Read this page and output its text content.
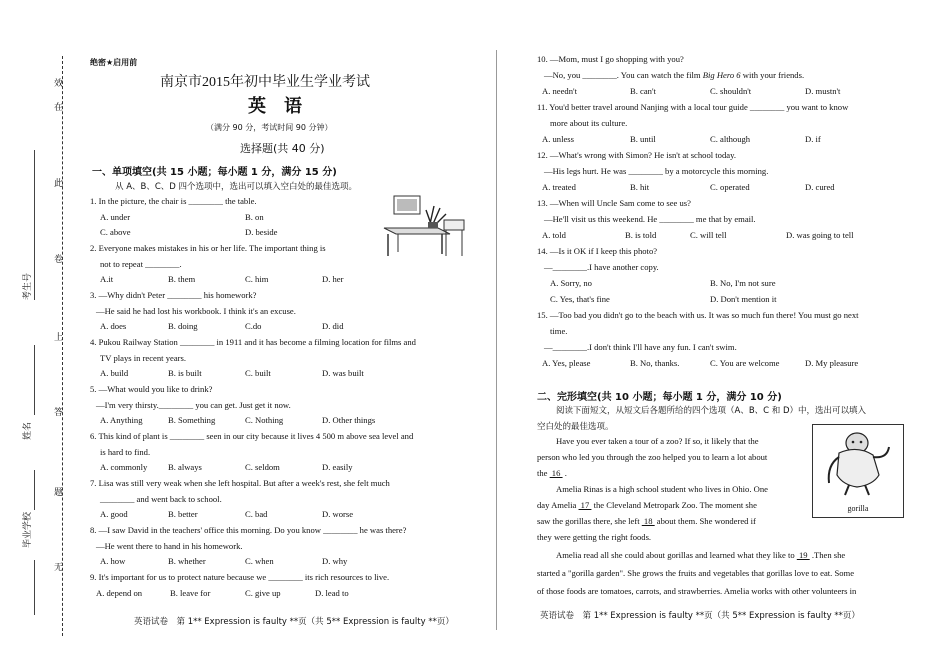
效
在
此
卷
上
答
题
无
考生号
姓名
毕业学校
绝密★启用前
南京市2015年初中毕业生学业考试
英　语
（满分 90 分，考试时间 90 分钟）
选择题(共 40 分)
一、单项填空(共 15 小题；每小题 1 分，满分 15 分)
从 A、B、C、D 四个选项中，选出可以填入空白处的最佳选项。
1. In the picture, the chair is ________ the table.
A. under	B. on
C. above	D. beside
2. Everyone makes mistakes in his or her life. The important thing is
not to repeat ________.
A.it	B. them	C. him	D. her
3. —Why didn't Peter ________ his homework?
—He said he had lost his workbook. I think it's an excuse.
A. does	B. doing	C.do	D. did
4. Pukou Railway Station ________ in 1911 and it has become a filming location for films and
TV plays in recent years.
A. build	B. is built	C. built	D. was built
5. —What would you like to drink?
—I'm very thirsty.________ you can get. Just get it now.
A. Anything	B. Something	C. Nothing	D. Other things
6. This kind of plant is ________ seen in our city because it lives 4 500 m above sea level and
is hard to find.
A. commonly B. always	C. seldom	D. easily
7. Lisa was still very weak when she left hospital. But after a week's rest, she felt much
________ and went back to school.
A. good	B. better	C. bad	D. worse
8. —I saw David in the teachers' office this morning. Do you know ________ he was there?
—He went there to hand in his homework.
A. how	B. whether	C. when	D. why
9. It's important for us to protect nature because we ________ its rich resources to live.
A. depend on	B. leave for	C. give up	D. lead to
英语试卷　第 1** Expression is faulty **页（共 5** Expression is faulty **页）
10. —Mom, must I go shopping with you?
—No, you ________. You can watch the film Big Hero 6 with your friends.
A. needn't	B. can't	C. shouldn't	D. mustn't
11. You'd better travel around Nanjing with a local tour guide ________ you want to know
more about its culture.
A. unless	B. until	C. although	D. if
12. —What's wrong with Simon? He isn't at school today.
—His legs hurt. He was ________ by a motorcycle this morning.
A. treated	B. hit	C. operated	D. cured
13. —When will Uncle Sam come to see us?
—He'll visit us this weekend. He ________ me that by email.
A. told	B. is told	C. will tell	D. was going to tell
14. —Is it OK if I keep this photo?
—________.I have another copy.
A. Sorry, no	B. No, I'm not sure
C. Yes, that's fine	D. Don't mention it
15. —Too bad you didn't go to the beach with us. It was so much fun there! You must go next
time.
—________.I don't think I'll have any fun. I can't swim.
A. Yes, please	B. No, thanks.	C. You are welcome	D. My pleasure
二、完形填空(共 10 小题；每小题 1 分，满分 10 分)
阅读下面短文，从短文后各题所给的四个选项（A、B、C 和 D）中，选出可以填入
空白处的最佳选项。
Have you ever taken a tour of a zoo? If so, it likely that the
person who led you through the zoo helped you to learn a lot about
the  16  .
Amelia Rinas is a high school student who lives in Ohio. One
day Amelia  17  the Cleveland Metropark Zoo. The moment she
saw the gorillas there, she left  18  about them. She wondered if
they were getting the right foods.
Amelia read all she could about gorillas and learned what they like to  19  .Then she
started a "gorilla garden". She grows the fruits and vegetables that gorillas love to eat. Some
of those foods are tomatoes, carrots, and strawberries. Amelia works with other volunteers in
gorilla
英语试卷　第 1** Expression is faulty **页（共 5** Expression is faulty **页）
